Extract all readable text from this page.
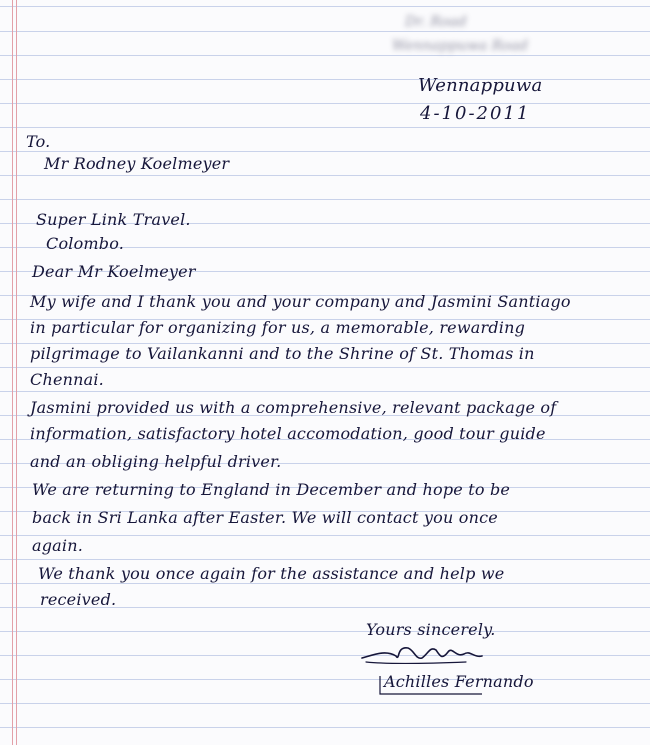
Dr. Road
Wennappuwa Road
Wennappuwa
4-10-2011
To.
Mr Rodney Koelmeyer
Super Link Travel.
Colombo.
Dear Mr Koelmeyer
My wife and I thank you and your company and Jasmini Santiago
in particular for organizing for us, a memorable, rewarding
pilgrimage to Vailankanni and to the Shrine of St. Thomas in
Chennai.
Jasmini provided us with a comprehensive, relevant package of
information, satisfactory hotel accomodation, good tour guide
and an obliging helpful driver.
We are returning to England in December and hope to be
back in Sri Lanka after Easter. We will contact you once
again.
We thank you once again for the assistance and help we
received.
Yours sincerely.
Achilles Fernando
